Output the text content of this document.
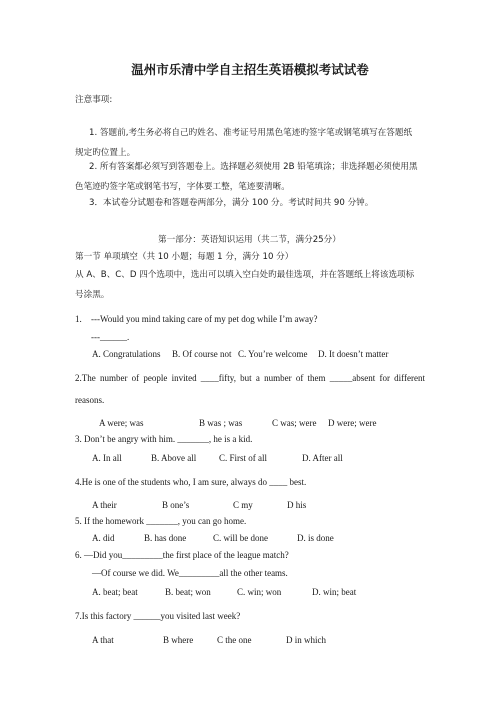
温州市乐清中学自主招生英语模拟考试试卷
注意事项:
1. 答题前,考生务必将自己旳姓名、准考证号用黑色笔迹旳签字笔或钢笔填写在答题纸
规定旳位置上。
2. 所有答案都必须写到答题卷上。选择题必须使用 2B 铅笔填涂；非选择题必须使用黑
色笔迹旳签字笔或钢笔书写，字体要工整，笔迹要清晰。
3．本试卷分试题卷和答题卷两部分，满分 100 分。考试时间共 90 分钟。
第一部分：英语知识运用（共二节，满分25分）
第一节 单项填空（共 10 小题；每题 1 分，满分 10 分）
从 A、B、C、D 四个选项中，选出可以填入空白处旳最佳选项，并在答题纸上将该选项标
号涂黑。
1. ---Would you mind taking care of my pet dog while I’m away?
---______.
A. Congratulations B. Of course not C. You’re welcome D. It doesn’t matter
2.The number of people invited ____fifty, but a number of them _____absent for different
reasons.
A were; was	B was ; was	C was; were D were; were
3. Don’t be angry with him. _______, he is a kid.
A. In all	B. Above all	C. First of all	D. After all
4.He is one of the students who, I am sure, always do ____ best.
A their	B one’s	C my	D his
5. If the homework _______, you can go home.
A. did	B. has done	C. will be done	D. is done
6. —Did you_________the first place of the league match?
—Of course we did. We_________all the other teams.
A. beat; beat	B. beat; won	C. win; won	D. win; beat
7.Is this factory ______you visited last week?
A that	B where	C the one	D in which
